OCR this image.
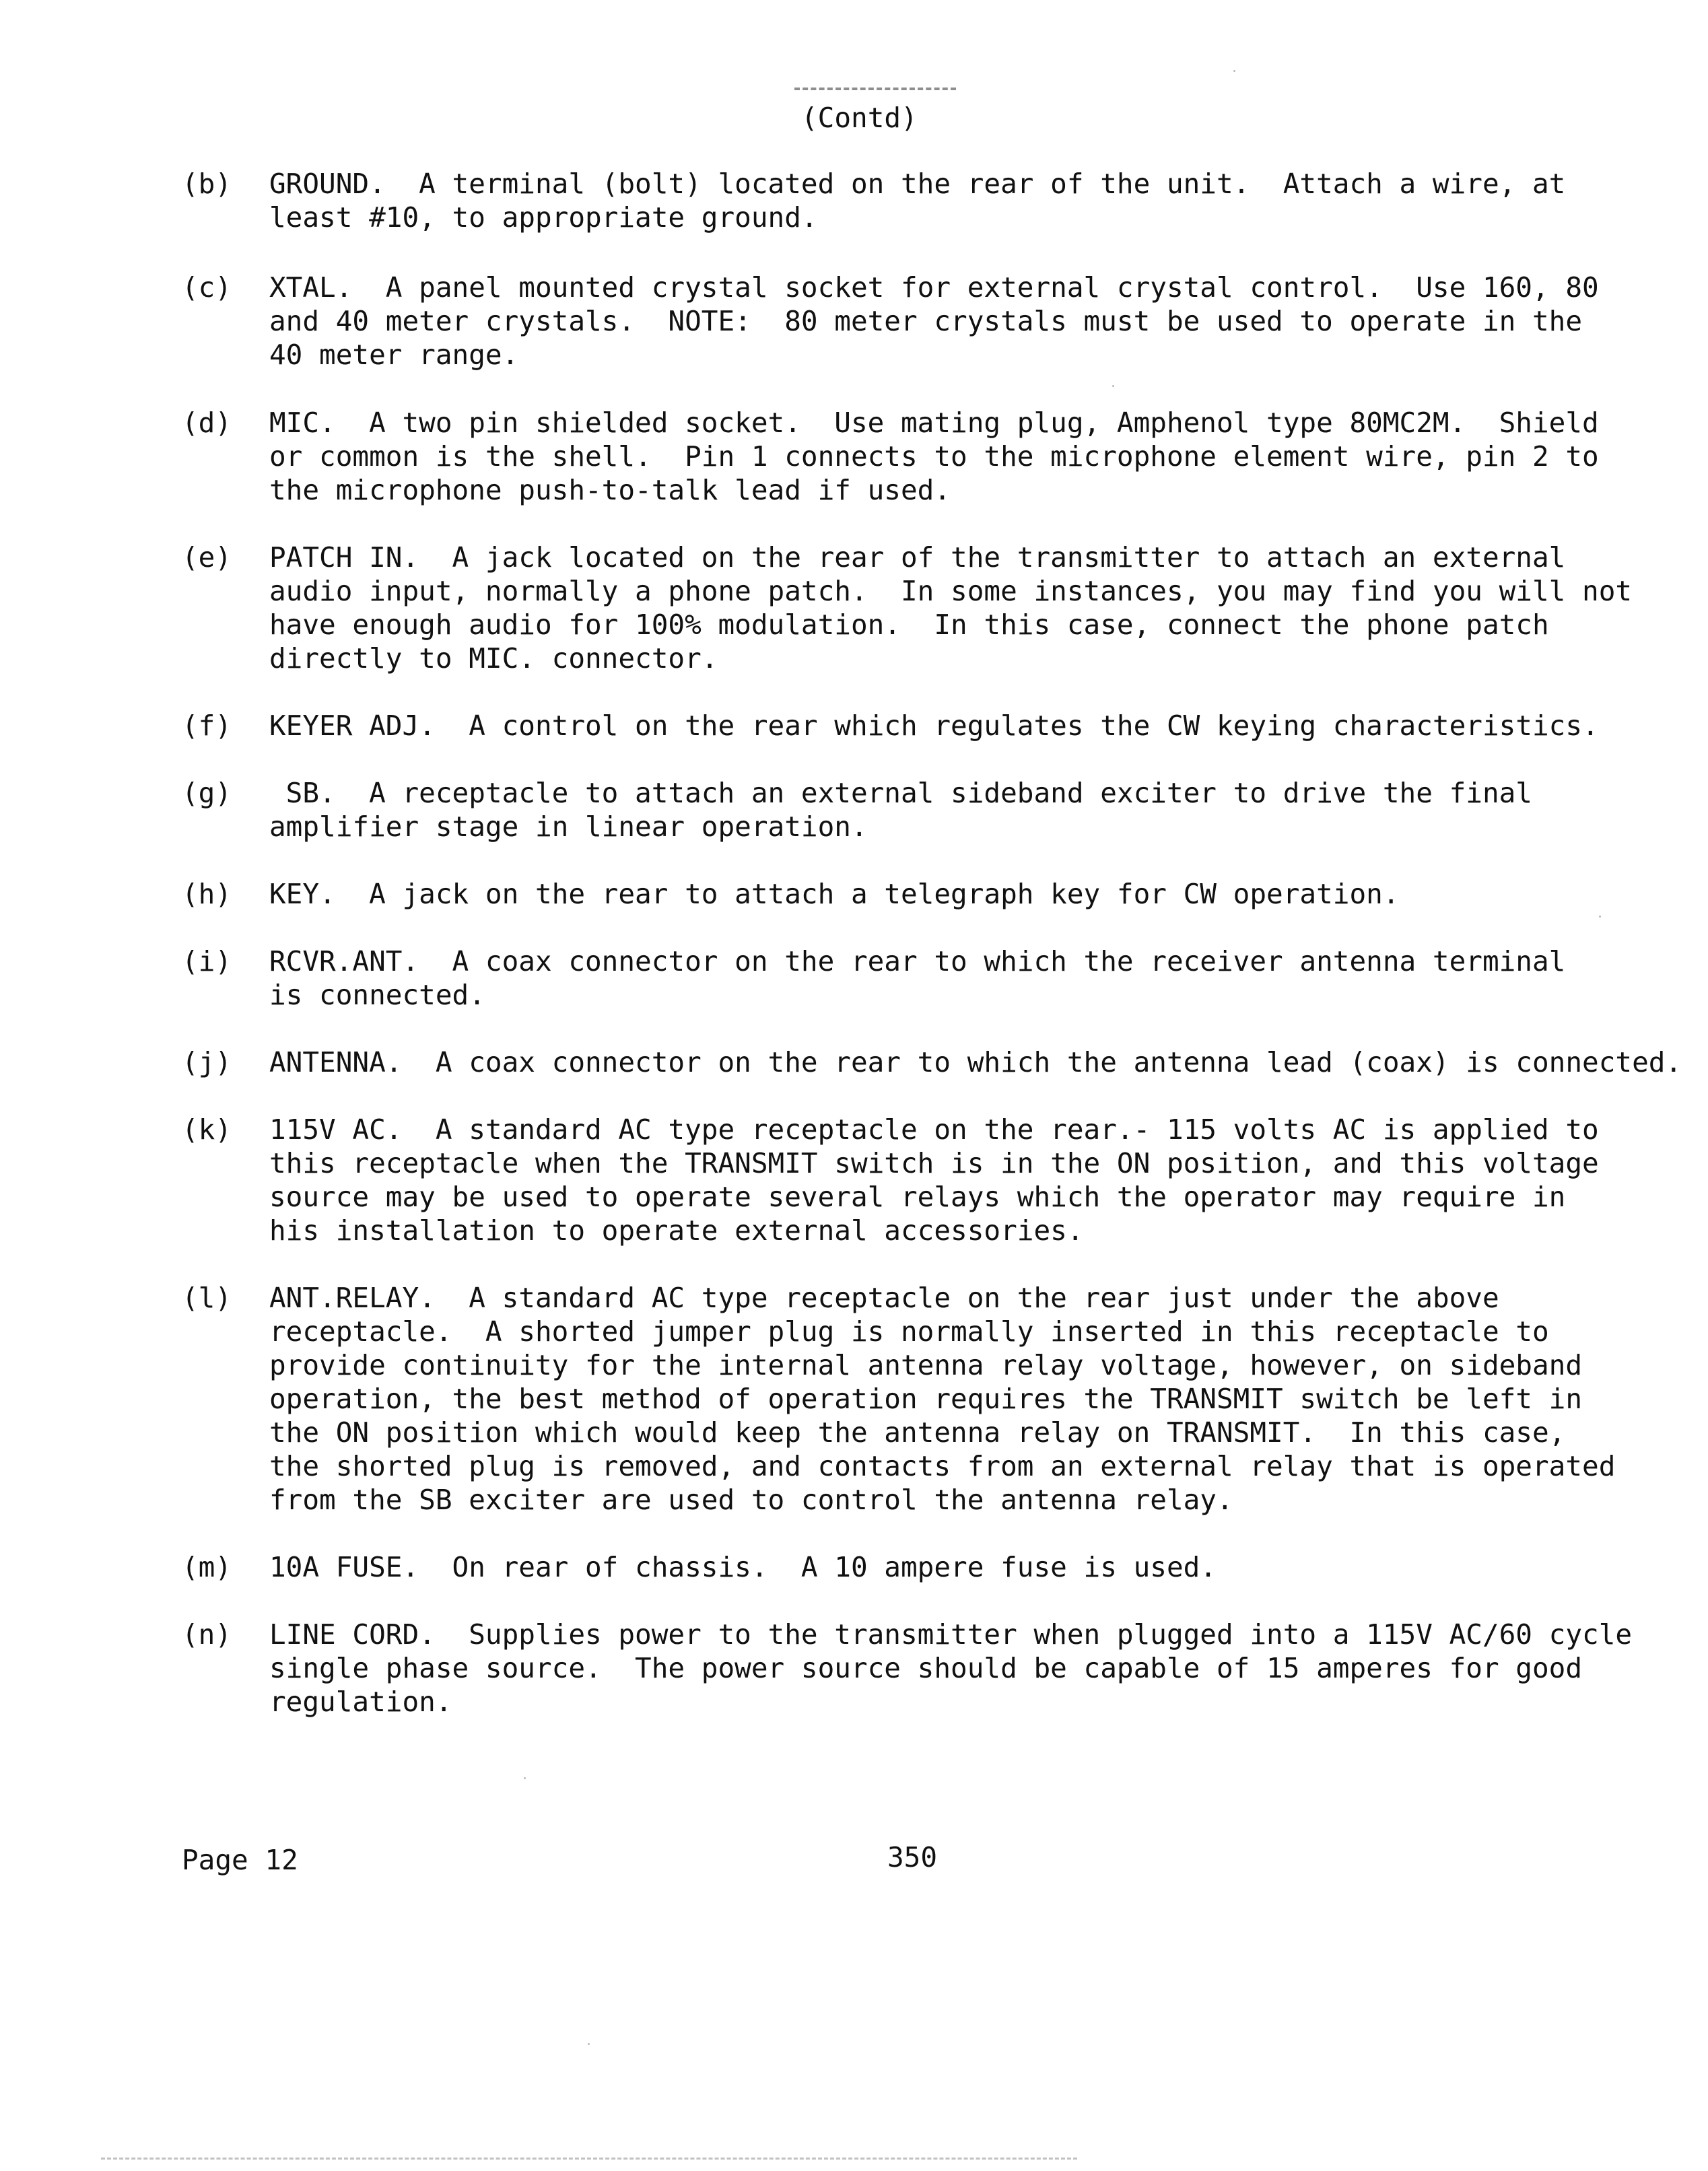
(Contd)
(b) GROUND.  A terminal (bolt) located on the rear of the unit.  Attach a wire, at
least #10, to appropriate ground.
(c) XTAL.  A panel mounted crystal socket for external crystal control.  Use 160, 80
and 40 meter crystals.  NOTE:  80 meter crystals must be used to operate in the
40 meter range.
(d) MIC.  A two pin shielded socket.  Use mating plug, Amphenol type 80MC2M.  Shield
or common is the shell.  Pin 1 connects to the microphone element wire, pin 2 to
the microphone push-to-talk lead if used.
(e) PATCH IN.  A jack located on the rear of the transmitter to attach an external
audio input, normally a phone patch.  In some instances, you may find you will not
have enough audio for 100% modulation.  In this case, connect the phone patch
directly to MIC. connector.
(f) KEYER ADJ.  A control on the rear which regulates the CW keying characteristics.
(g) SB.  A receptacle to attach an external sideband exciter to drive the final
amplifier stage in linear operation.
(h) KEY.  A jack on the rear to attach a telegraph key for CW operation.
(i) RCVR.ANT.  A coax connector on the rear to which the receiver antenna terminal
is connected.
(j) ANTENNA.  A coax connector on the rear to which the antenna lead (coax) is connected.
(k) 115V AC.  A standard AC type receptacle on the rear.- 115 volts AC is applied to
this receptacle when the TRANSMIT switch is in the ON position, and this voltage
source may be used to operate several relays which the operator may require in
his installation to operate external accessories.
(l) ANT.RELAY.  A standard AC type receptacle on the rear just under the above
receptacle.  A shorted jumper plug is normally inserted in this receptacle to
provide continuity for the internal antenna relay voltage, however, on sideband
operation, the best method of operation requires the TRANSMIT switch be left in
the ON position which would keep the antenna relay on TRANSMIT.  In this case,
the shorted plug is removed, and contacts from an external relay that is operated
from the SB exciter are used to control the antenna relay.
(m) 10A FUSE.  On rear of chassis.  A 10 ampere fuse is used.
(n) LINE CORD.  Supplies power to the transmitter when plugged into a 115V AC/60 cycle
single phase source.  The power source should be capable of 15 amperes for good
regulation.
Page 12	350
